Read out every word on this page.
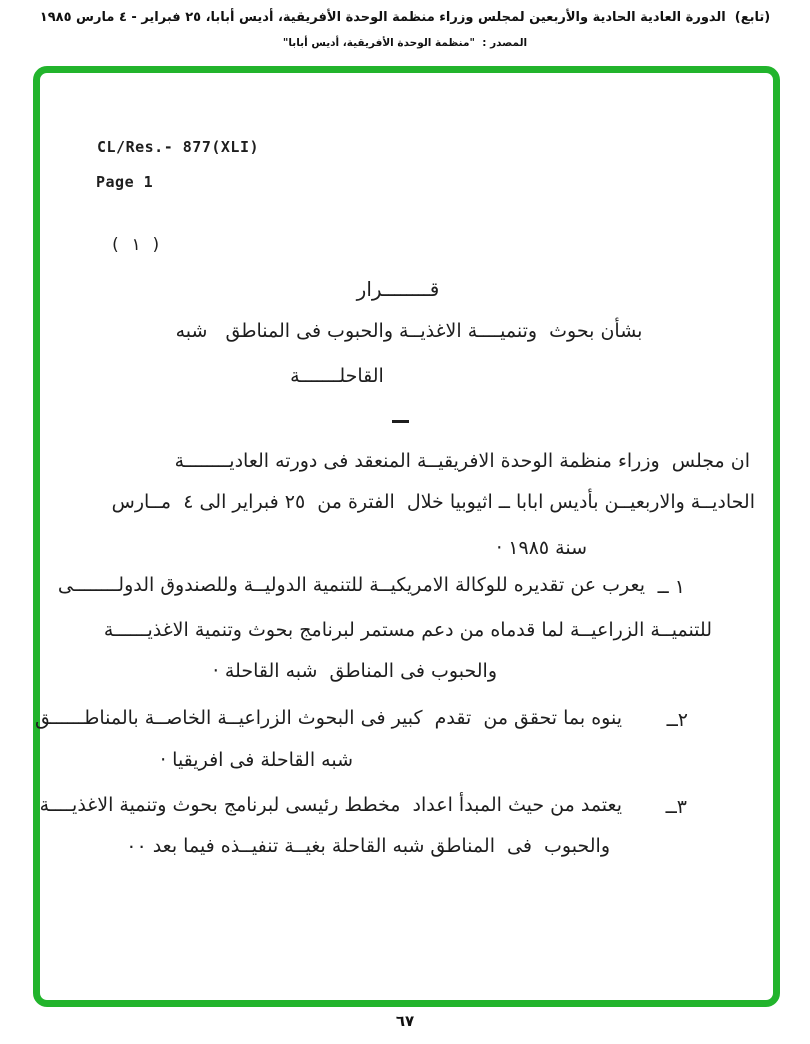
(تابع)  الدورة العادية الحادية والأربعين لمجلس وزراء منظمة الوحدة الأفريقية، أديس أبابا، ٢٥ فبراير - ٤ مارس ١٩٨٥
المصدر :  "منظمة الوحدة الأفريقية، أديس أبابا"
CL/Res.- 877(XLI)
Page 1
( ١ )
قــــــــرار
بشأن بحوث  وتنميــــة الاغذيــة والحبوب فى المناطق   شبه
القاحلـــــــة
ان مجلس  وزراء منظمة الوحدة الافريقيــة المنعقد فى دورته العاديــــــــة
الحاديــة والاربعيــن بأديس ابابا ــ اثيوبيا خلال  الفترة من  ٢٥ فبراير الى ٤  مــارس
سنة ١٩٨٥ ·
١ ــ
يعرب عن تقديره للوكالة الامريكيــة للتنمية الدوليــة وللصندوق الدولــــــــى
للتنميــة الزراعيــة لما قدماه من دعم مستمر لبرنامج بحوث وتنمية الاغذيــــــة
والحبوب فى المناطق  شبه القاحلة ·
٢ــ
ينوه بما تحقق من  تقدم  كبير فى البحوث الزراعيــة الخاصــة بالمناطــــــق
شبه القاحلة فى افريقيا ·
٣ــ
يعتمد من حيث المبدأ اعداد  مخطط رئيسى لبرنامج بحوث وتنمية الاغذيــــة
والحبوب  فى  المناطق شبه القاحلة بغيــة تنفيــذه فيما بعد ٠٠
٦٧
